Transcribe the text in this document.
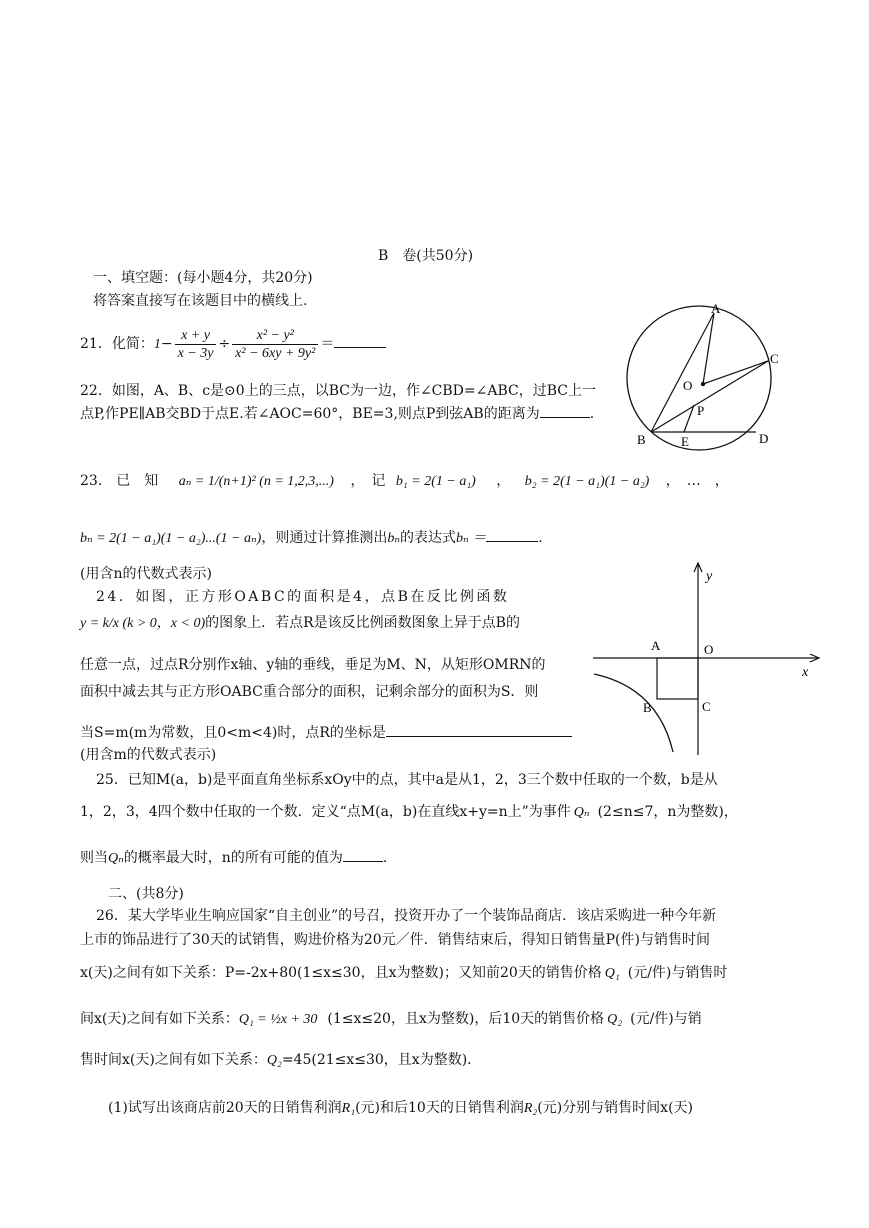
B　卷(共50分)
一、填空题：(每小题4分，共20分)
将答案直接写在该题目中的横线上.
21．化简：$1- \frac{x + y}{x - 3y} \div \frac{\text{x² − y²}}{\text{x² − 6xy + 9y²}}$ ＝
22．如图，A、B、c是⊙0上的三点，以BC为一边，作∠CBD=∠ABC，过BC上一
点P,作PE∥AB交BD于点E.若∠AOC=60°，BE=3,则点P到弦AB的距离为	.
A
C
O
P
B	E	D
23.　已　知 aₙ = 1/(n+1)² (n = 1,2,3,...) ，　记 b₁ = 2(1 − a₁) ， b₂ = 2(1 − a₁)(1 − a₂) ，　…　，
bₙ = 2(1 − a₁)(1 − a₂)...(1 − aₙ)，则通过计算推测出bₙ的表达式bₙ ＝	.
(用含n的代数式表示)
24．如图，正方形OABC的面积是4，点B在反比例函数
y = k/x (k > 0，x < 0)的图象上．若点R是该反比例函数图象上异于点B的
任意一点，过点R分别作x轴、y轴的垂线，垂足为M、N，从矩形OMRN的
面积中减去其与正方形OABC重合部分的面积，记剩余部分的面积为S．则
当S=m(m为常数，且0<m<4)时，点R的坐标是
(用含m的代数式表示)
x
y
A	O
B	C
25．已知M(a，b)是平面直角坐标系xOy中的点，其中a是从1，2，3三个数中任取的一个数，b是从
1，2，3，4四个数中任取的一个数．定义“点M(a，b)在直线x+y=n上”为事件 Qₙ (2≤n≤7，n为整数)，
则当Qₙ的概率最大时，n的所有可能的值为	.
二、(共8分)
26．某大学毕业生响应国家“自主创业”的号召，投资开办了一个装饰品商店．该店采购进一种今年新
上市的饰品进行了30天的试销售，购进价格为20元／件．销售结束后，得知日销售量P(件)与销售时间
x(天)之间有如下关系：P=-2x+80(1≤x≤30，且x为整数)；又知前20天的销售价格 Q₁ (元/件)与销售时
间x(天)之间有如下关系：Q₁ = ½x + 30 (1≤x≤20，且x为整数)，后10天的销售价格 Q₂ (元/件)与销
售时间x(天)之间有如下关系：Q₂=45(21≤x≤30，且x为整数)．
(1)试写出该商店前20天的日销售利润R₁(元)和后10天的日销售利润R₂(元)分别与销售时间x(天)
